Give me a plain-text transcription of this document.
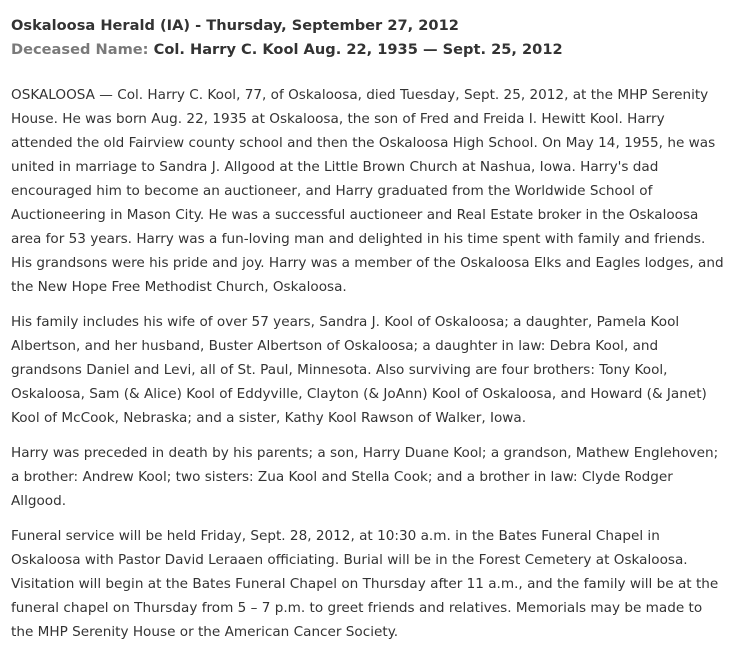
Oskaloosa Herald (IA) - Thursday, September 27, 2012

Deceased Name: Col. Harry C. Kool Aug. 22, 1935 — Sept. 25, 2012

OSKALOOSA — Col. Harry C. Kool, 77, of Oskaloosa, died Tuesday, Sept. 25, 2012, at the MHP Serenity House. He was born Aug. 22, 1935 at Oskaloosa, the son of Fred and Freida I. Hewitt Kool. Harry attended the old Fairview county school and then the Oskaloosa High School. On May 14, 1955, he was united in marriage to Sandra J. Allgood at the Little Brown Church at Nashua, Iowa. Harry's dad encouraged him to become an auctioneer, and Harry graduated from the Worldwide School of Auctioneering in Mason City. He was a successful auctioneer and Real Estate broker in the Oskaloosa area for 53 years. Harry was a fun-loving man and delighted in his time spent with family and friends. His grandsons were his pride and joy. Harry was a member of the Oskaloosa Elks and Eagles lodges, and the New Hope Free Methodist Church, Oskaloosa.

His family includes his wife of over 57 years, Sandra J. Kool of Oskaloosa; a daughter, Pamela Kool Albertson, and her husband, Buster Albertson of Oskaloosa; a daughter in law: Debra Kool, and grandsons Daniel and Levi, all of St. Paul, Minnesota. Also surviving are four brothers: Tony Kool, Oskaloosa, Sam (& Alice) Kool of Eddyville, Clayton (& JoAnn) Kool of Oskaloosa, and Howard (& Janet) Kool of McCook, Nebraska; and a sister, Kathy Kool Rawson of Walker, Iowa.

Harry was preceded in death by his parents; a son, Harry Duane Kool; a grandson, Mathew Englehoven; a brother: Andrew Kool; two sisters: Zua Kool and Stella Cook; and a brother in law: Clyde Rodger Allgood.

Funeral service will be held Friday, Sept. 28, 2012, at 10:30 a.m. in the Bates Funeral Chapel in Oskaloosa with Pastor David Leraaen officiating. Burial will be in the Forest Cemetery at Oskaloosa. Visitation will begin at the Bates Funeral Chapel on Thursday after 11 a.m., and the family will be at the funeral chapel on Thursday from 5 – 7 p.m. to greet friends and relatives. Memorials may be made to the MHP Serenity House or the American Cancer Society.
